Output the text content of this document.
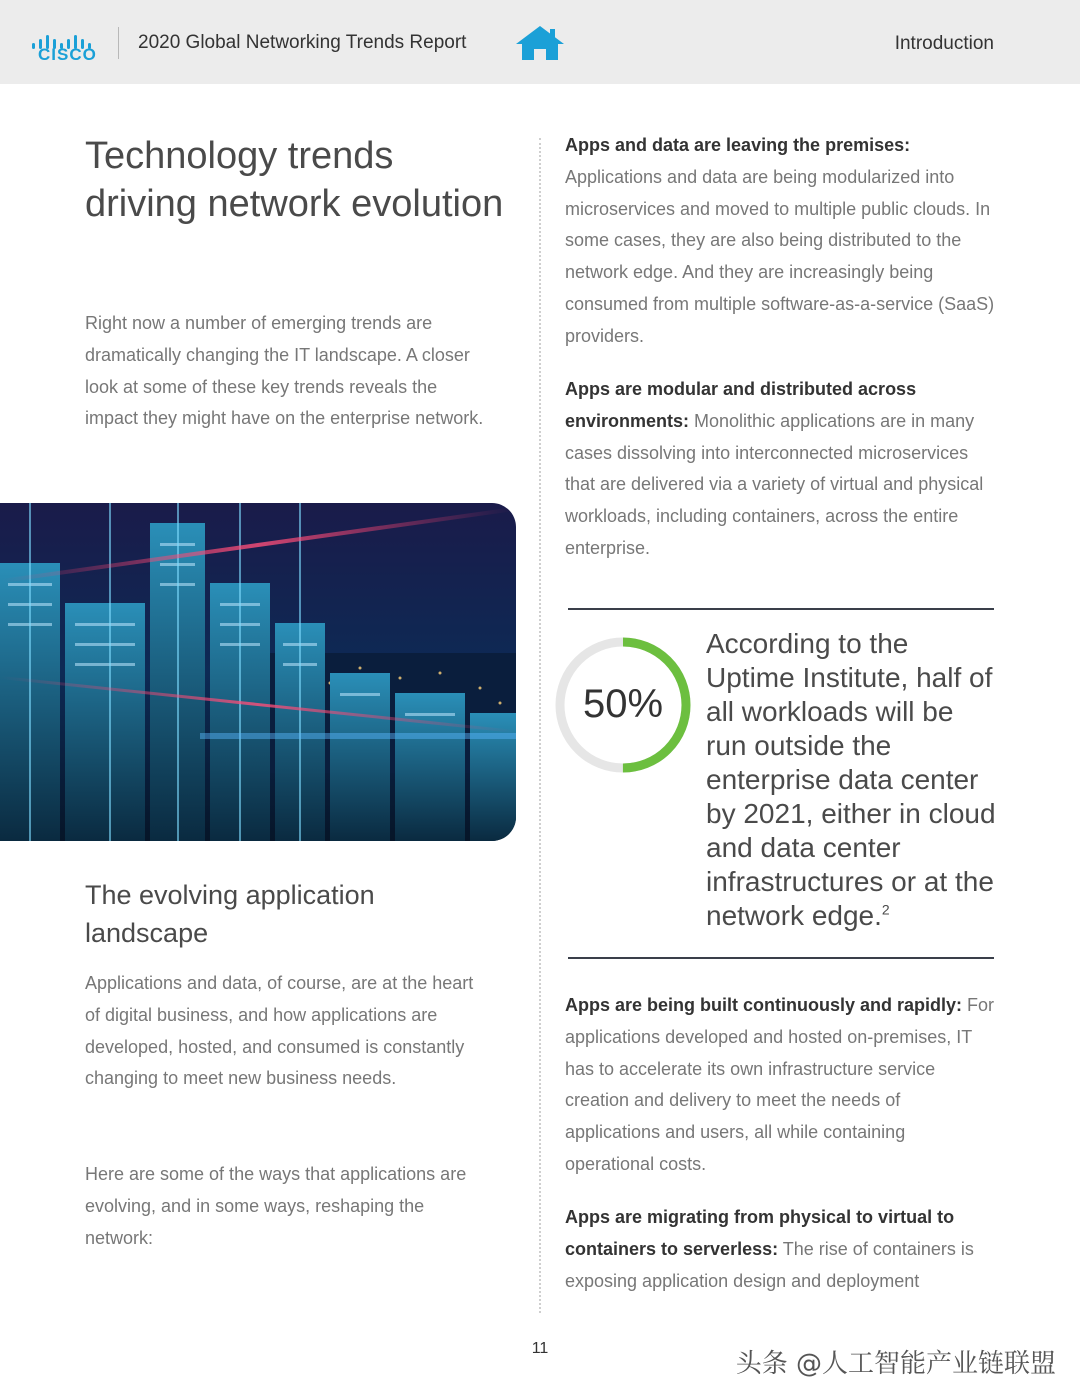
CISCO
2020 Global Networking Trends Report	Introduction
Technology trends driving network evolution

Right now a number of emerging trends are dramatically changing the IT landscape. A closer look at some of these key trends reveals the impact they might have on the enterprise network.

The evolving application landscape

Applications and data, of course, are at the heart of digital business, and how applications are developed, hosted, and consumed is constantly changing to meet new business needs.

Here are some of the ways that applications are evolving, and in some ways, reshaping the network:

Apps and data are leaving the premises: Applications and data are being modularized into microservices and moved to multiple public clouds. In some cases, they are also being distributed to the network edge. And they are increasingly being consumed from multiple software-as-a-service (SaaS) providers.

Apps are modular and distributed across environments: Monolithic applications are in many cases dissolving into interconnected microservices that are delivered via a variety of virtual and physical workloads, including containers, across the entire enterprise.

50%

According to the Uptime Institute, half of all workloads will be run outside the enterprise data center by 2021, either in cloud and data center infrastructures or at the network edge.$^2$

Apps are being built continuously and rapidly: For applications developed and hosted on-premises, IT has to accelerate its own infrastructure service creation and delivery to meet the needs of applications and users, all while containing operational costs.

Apps are migrating from physical to virtual to containers to serverless: The rise of containers is exposing application design and deployment

11
头条 @人工智能产业链联盟
